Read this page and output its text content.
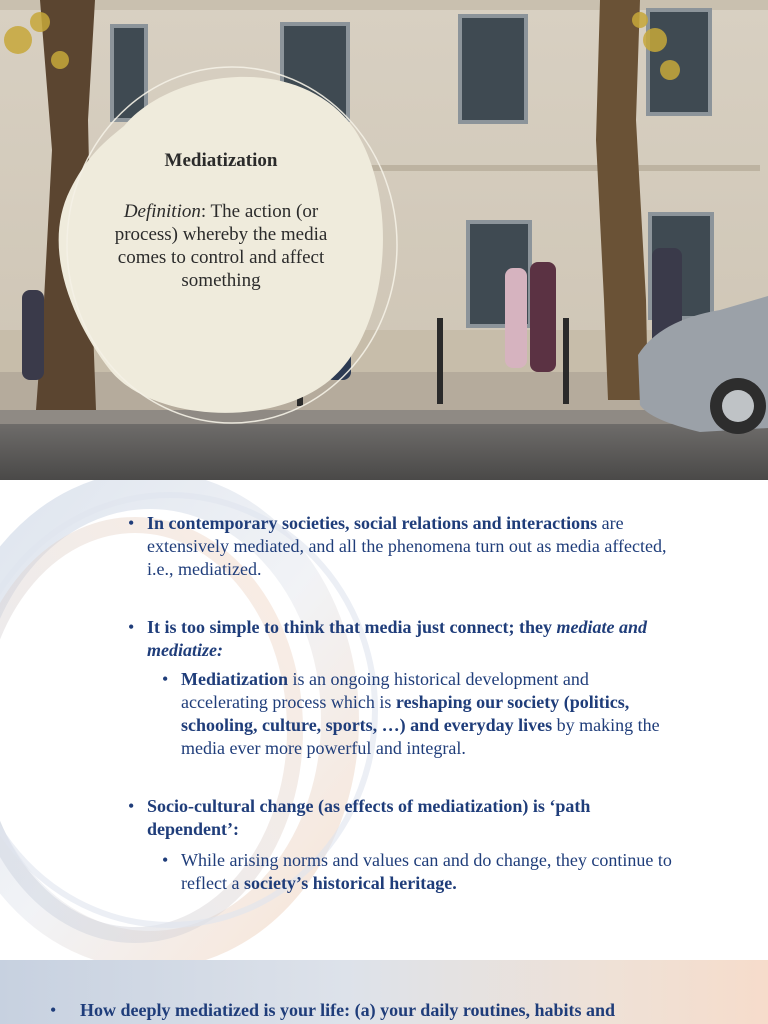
Mediatization

Definition: The action (or process) whereby the media comes to control and affect something

• In contemporary societies, social relations and interactions are
extensively mediated, and all the phenomena turn out as media affected,
i.e., mediatized.
• It is too simple to think that media just connect; they mediate and
mediatize:
• Mediatization is an ongoing historical development and
accelerating process which is reshaping our society (politics,
schooling, culture, sports, …) and everyday lives by making the
media ever more powerful and integral.
• Socio-cultural change (as effects of mediatization) is ‘path
dependent’:
• While arising norms and values can and do change, they continue to
reflect a society’s historical heritage.
• How deeply mediatized is your life: (a) your daily routines, habits and
